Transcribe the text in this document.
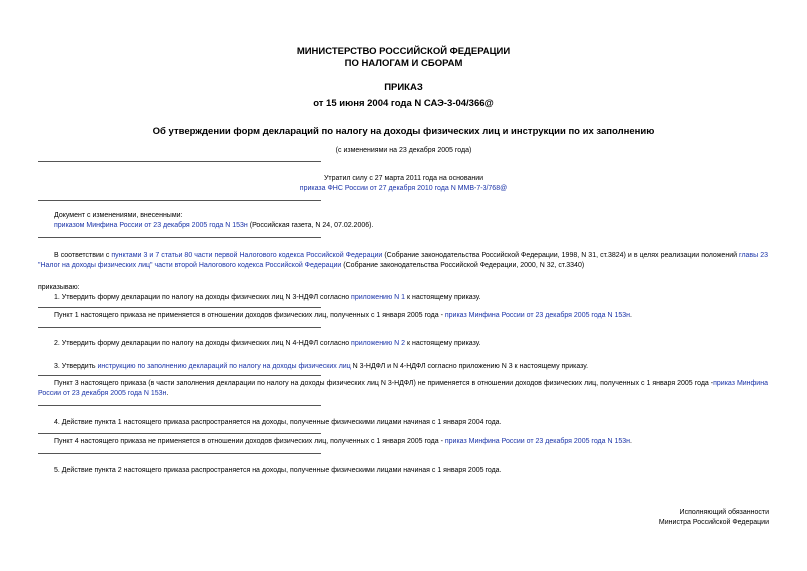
МИНИСТЕРСТВО РОССИЙСКОЙ ФЕДЕРАЦИИ
ПО НАЛОГАМ И СБОРАМ
ПРИКАЗ
от 15 июня 2004 года N САЭ-3-04/366@
Об утверждении форм деклараций по налогу на доходы физических лиц и инструкции по их заполнению
(с изменениями на 23 декабря 2005 года)
Утратил силу с 27 марта 2011 года на основании
приказа ФНС России от 27 декабря 2010 года N ММВ-7-3/768@
Документ с изменениями, внесенными:
приказом Минфина России от 23 декабря 2005 года N 153н (Российская газета, N 24, 07.02.2006).
В соответствии с пунктами 3 и 7 статьи 80 части первой Налогового кодекса Российской Федерации (Собрание законодательства Российской Федерации, 1998, N 31, ст.3824) и в целях реализации положений главы 23 "Налог на доходы физических лиц" части второй Налогового кодекса Российской Федерации (Собрание законодательства Российской Федерации, 2000, N 32, ст.3340)
приказываю:
1. Утвердить форму декларации по налогу на доходы физических лиц N 3-НДФЛ согласно приложению N 1 к настоящему приказу.
Пункт 1 настоящего приказа не применяется в отношении доходов физических лиц, полученных с 1 января 2005 года - приказ Минфина России от 23 декабря 2005 года N 153н.
2. Утвердить форму декларации по налогу на доходы физических лиц N 4-НДФЛ согласно приложению N 2 к настоящему приказу.
3. Утвердить инструкцию по заполнению деклараций по налогу на доходы физических лиц N 3-НДФЛ и N 4-НДФЛ согласно приложению N 3 к настоящему приказу.
Пункт 3 настоящего приказа (в части заполнения декларации по налогу на доходы физических лиц N 3-НДФЛ) не применяется в отношении доходов физических лиц, полученных с 1 января 2005 года -приказ Минфина России от 23 декабря 2005 года N 153н.
4. Действие пункта 1 настоящего приказа распространяется на доходы, полученные физическими лицами начиная с 1 января 2004 года.
Пункт 4 настоящего приказа не применяется в отношении доходов физических лиц, полученных с 1 января 2005 года - приказ Минфина России от 23 декабря 2005 года N 153н.
5. Действие пункта 2 настоящего приказа распространяется на доходы, полученные физическими лицами начиная с 1 января 2005 года.
Исполняющий обязанности
Министра Российской Федерации
